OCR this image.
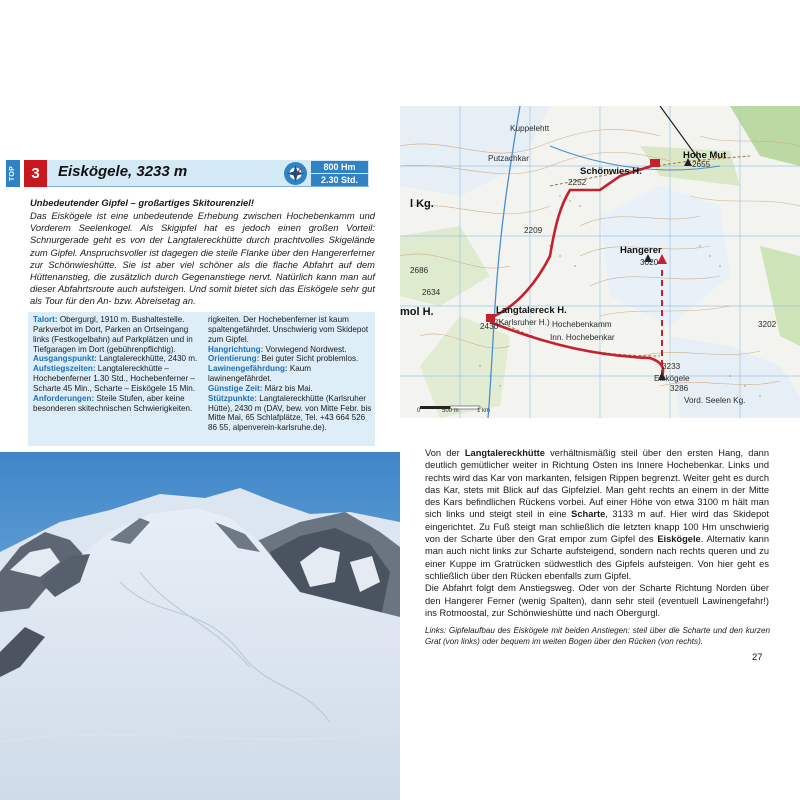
TOP 3	Eiskögele, 3233 m	800 Hm
2.30 Std.
Unbedeutender Gipfel – großartiges Skitourenziel!
Das Eiskögele ist eine unbedeutende Erhebung zwischen Hochebenkamm und Vorderem Seelenkogel. Als Skigipfel hat es jedoch einen großen Vorteil: Schnurgerade geht es von der Langtalereckhütte durch prachtvolles Skigelände zum Gipfel. Anspruchsvoller ist dagegen die steile Flanke über den Hangererferner zur Schönwieshütte. Sie ist aber viel schöner als die flache Abfahrt auf dem Hüttenanstieg, die zusätzlich durch Gegenanstiege nervt. Natürlich kann man auf dieser Abfahrtsroute auch aufsteigen. Und somit bietet sich das Eiskögele sehr gut als Tour für den An- bzw. Abreisetag an.

Talort: Obergurgl, 1910 m. Bushaltestelle. Parkverbot im Dort, Parken an Ortseingang links (Festkogelbahn) auf Parkplätzen und in Tiefgaragen im Dort (gebührenpflichtig).

Ausgangspunkt: Langtalereckhütte, 2430 m.

Aufstiegszeiten: Langtalereckhütte – Hochebenferner 1.30 Std., Hochebenferner – Scharte 45 Min., Scharte – Eiskögele 15 Min.

Anforderungen: Steile Stufen, aber keine besonderen skitechnischen Schwierigkeiten.

rigkeiten. Der Hochebenferner ist kaum spaltengefährdet. Unschwierig vom Skidepot zum Gipfel.

Hangrichtung: Vorwiegend Nordwest.

Orientierung: Bei guter Sicht problemlos.

Lawinengefährdung: Kaum lawinengefährdet.

Günstige Zeit: März bis Mai.

Stützpunkte: Langtalereckhütte (Karlsruher Hütte), 2430 m (DAV, bew. von Mitte Febr. bis Mitte Mai, 65 Schlafplätze, Tel. +43 664 526 86 55, alpenverein-karlsruhe.de).

l Kg.
Schönwies H.
Hohe Mut
Hangerer
3020
Langtalereck H.
(Karlsruher H.)
3233
Eiskögele
Vord. Seelen Kg.
Hochebenkamm
Inn. Hochebenkar
mol H.
Putzachkar
Kuppelehtt
2252
2209
2430
2634
2686
3286
3202
2655
0	500 m	1 km
Von der Langtalereckhütte verhältnismäßig steil über den ersten Hang, dann deutlich gemütlicher weiter in Richtung Osten ins Innere Hochebenkar. Links und rechts wird das Kar von markanten, felsigen Rippen begrenzt. Weiter geht es durch das Kar, stets mit Blick auf das Gipfelziel. Man geht rechts an einem in der Mitte des Kars befindlichen Rückens vorbei. Auf einer Höhe von etwa 3100 m hält man sich links und steigt steil in eine Scharte, 3133 m auf. Hier wird das Skidepot eingerichtet. Zu Fuß steigt man schließlich die letzten knapp 100 Hm unschwierig von der Scharte über den Grat empor zum Gipfel des Eiskögele. Alternativ kann man auch nicht links zur Scharte aufsteigend, sondern nach rechts queren und zu einer Kuppe im Gratrücken südwestlich des Gipfels aufsteigen. Von hier geht es schließlich über den Rücken ebenfalls zum Gipfel.
Die Abfahrt folgt dem Anstiegsweg. Oder von der Scharte Richtung Norden über den Hangerer Ferner (wenig Spalten), dann sehr steil (eventuell Lawinengefahr!) ins Rotmoostal, zur Schönwieshütte und nach Obergurgl.
Links: Gipfelaufbau des Eiskögele mit beiden Anstiegen: steil über die Scharte und den kurzen Grat (von links) oder bequem im weiten Bogen über den Rücken (von rechts).
27
